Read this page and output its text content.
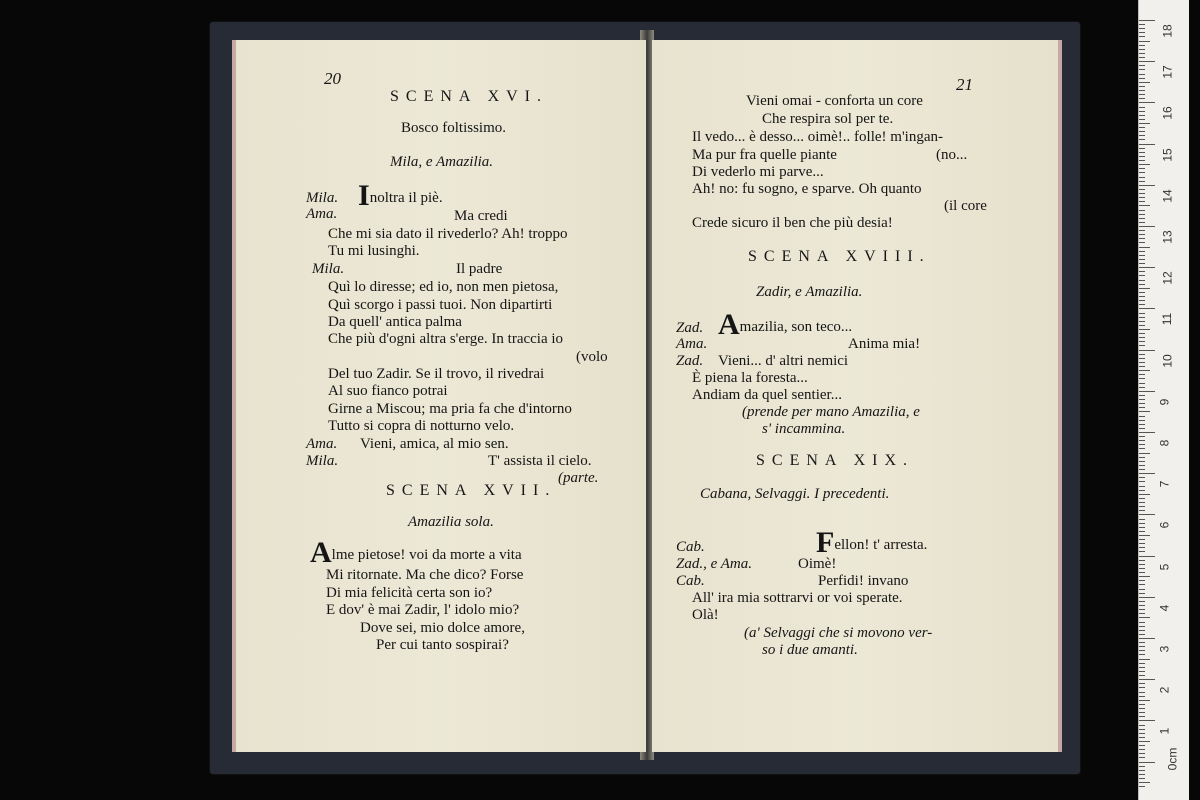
20
SCENA XVI.
Bosco foltissimo.
Mila, e Amazilia.
Mila. Inoltra il piè.
Ama.	Ma credi
Che mi sia dato il rivederlo? Ah! troppo
Tu mi lusinghi.
Mila.	Il padre
Quì lo diresse; ed io, non men pietosa,
Quì scorgo i passi tuoi. Non dipartirti
Da quell' antica palma
Che più d'ogni altra s'erge. In traccia io
(volo
Del tuo Zadir. Se il trovo, il rivedrai
Al suo fianco potrai
Girne a Miscou; ma pria fa che d'intorno
Tutto si copra di notturno velo.
Ama. Vieni, amica, al mio sen.
Mila.	T' assista il cielo.
(parte.
SCENA XVII.
Amazilia sola.
Alme pietose! voi da morte a vita
Mi ritornate. Ma che dico? Forse
Di mia felicità certa son io?
E dov' è mai Zadir, l' idolo mio?
Dove sei, mio dolce amore,
Per cui tanto sospirai?
21
Vieni omai - conforta un core
Che respira sol per te.
Il vedo... è desso... oimè!.. folle! m'ingan-
Ma pur fra quelle piante	(no...
Di vederlo mi parve...
Ah! no: fu sogno, e sparve. Oh quanto
(il core
Crede sicuro il ben che più desia!
SCENA XVIII.
Zadir, e Amazilia.
Zad. Amazilia, son teco...
Ama.	Anima mia!
Zad. Vieni... d' altri nemici
È piena la foresta...
Andiam da quel sentier...
(prende per mano Amazilia, e
s' incammina.
SCENA XIX.
Cabana, Selvaggi. I precedenti.
Cab.	Fellon! t' arresta.
Zad., e Ama.	Oimè!
Cab.	Perfidi! invano
All' ira mia sottrarvi or voi sperate.
Olà!
(a' Selvaggi che si movono ver-
so i due amanti.
0cm
18
17
16
15
14
13
12
11
10
9
8
7
6
5
4
3
2
1
